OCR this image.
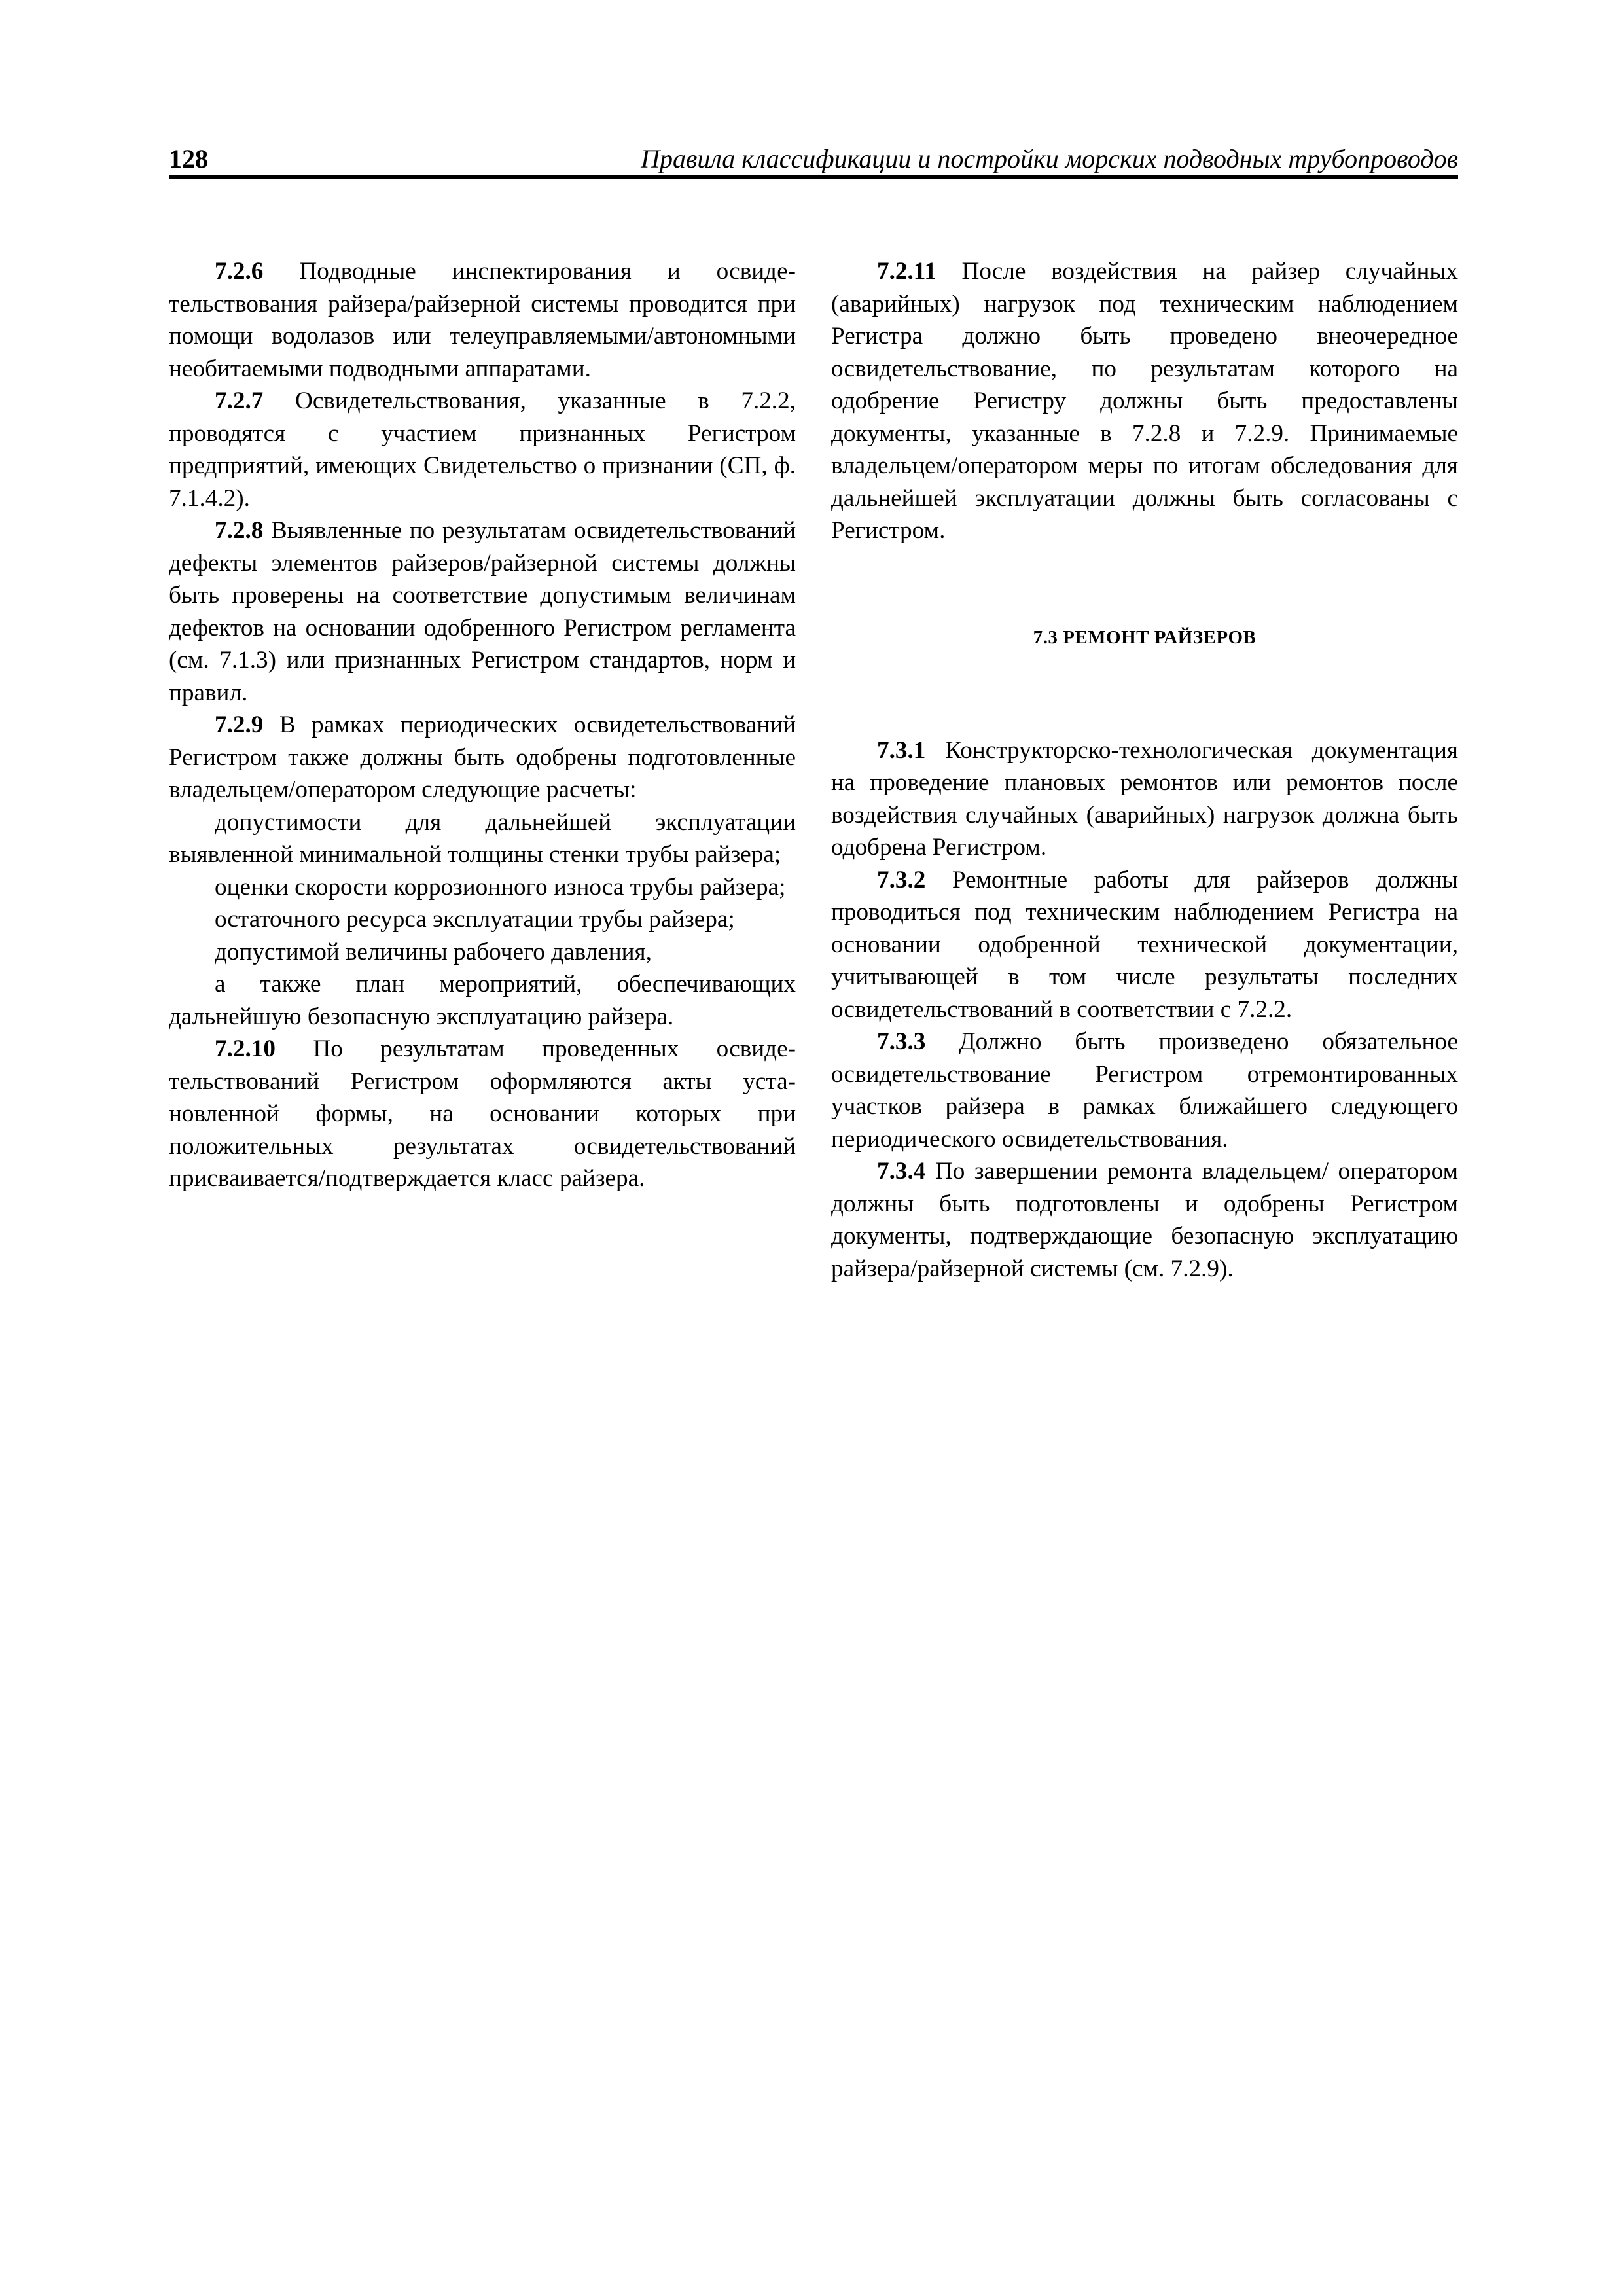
128	Правила классификации и постройки морских подводных трубопроводов

7.2.6 Подводные инспектирования и освидетельствования райзера/райзерной системы проводится при помощи водолазов или телеуправляемыми/автономными необитаемыми подводными аппаратами.

7.2.7 Освидетельствования, указанные в 7.2.2, проводятся с участием признанных Регистром предприятий, имеющих Свидетельство о признании (СП, ф. 7.1.4.2).

7.2.8 Выявленные по результатам освидетельствований дефекты элементов райзеров/райзерной системы должны быть проверены на соответствие допустимым величинам дефектов на основании одобренного Регистром регламента (см. 7.1.3) или признанных Регистром стандартов, норм и правил.

7.2.9 В рамках периодических освидетельствований Регистром также должны быть одобрены подготовленные владельцем/оператором следующие расчеты:

допустимости для дальнейшей эксплуатации выявленной минимальной толщины стенки трубы райзера;

оценки скорости коррозионного износа трубы райзера;

остаточного ресурса эксплуатации трубы райзера;

допустимой величины рабочего давления,

а также план мероприятий, обеспечивающих дальнейшую безопасную эксплуатацию райзера.

7.2.10 По результатам проведенных освидетельствований Регистром оформляются акты установленной формы, на основании которых при положительных результатах освидетельствований присваивается/подтверждается класс райзера.

7.2.11 После воздействия на райзер случайных (аварийных) нагрузок под техническим наблюдением Регистра должно быть проведено внеочередное освидетельствование, по результатам которого на одобрение Регистру должны быть предоставлены документы, указанные в 7.2.8 и 7.2.9. Принимаемые владельцем/оператором меры по итогам обследования для дальнейшей эксплуатации должны быть согласованы с Регистром.

7.3 РЕМОНТ РАЙЗЕРОВ

7.3.1 Конструкторско-технологическая документация на проведение плановых ремонтов или ремонтов после воздействия случайных (аварийных) нагрузок должна быть одобрена Регистром.

7.3.2 Ремонтные работы для райзеров должны проводиться под техническим наблюдением Регистра на основании одобренной технической документации, учитывающей в том числе результаты последних освидетельствований в соответствии с 7.2.2.

7.3.3 Должно быть произведено обязательное освидетельствование Регистром отремонтированных участков райзера в рамках ближайшего следующего периодического освидетельствования.

7.3.4 По завершении ремонта владельцем/ оператором должны быть подготовлены и одобрены Регистром документы, подтверждающие безопасную эксплуатацию райзера/райзерной системы (см. 7.2.9).
